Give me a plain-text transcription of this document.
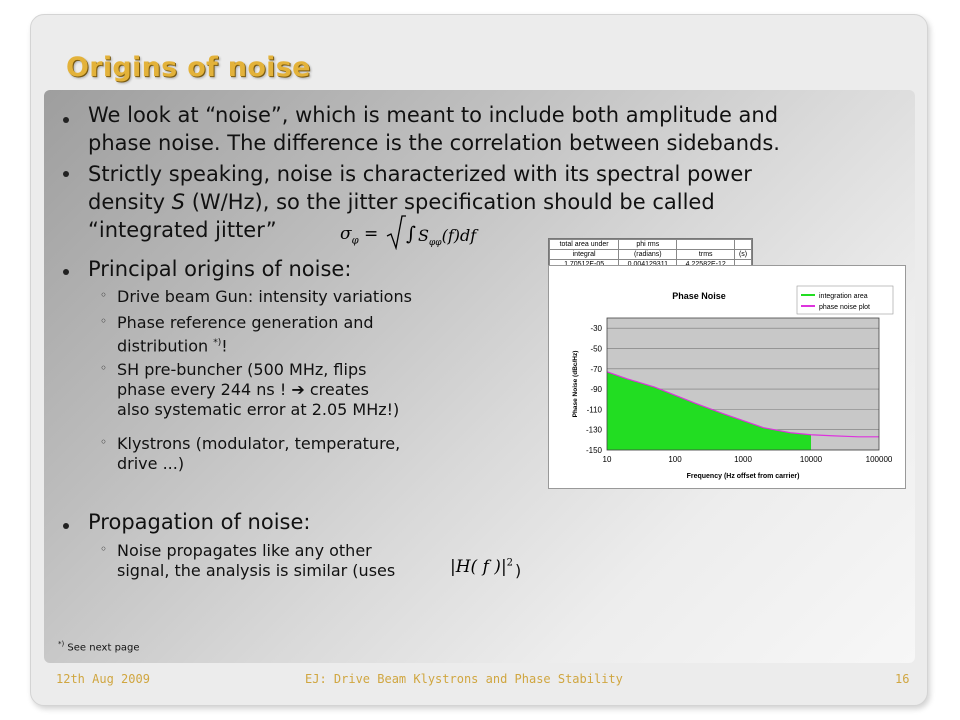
Origins of noise
We look at “noise”, which is meant to include both amplitude and
phase noise. The difference is the correlation between sidebands.
Strictly speaking, noise is characterized with its spectral power
density S (W/Hz), so the jitter specification should be called
“integrated jitter”	$\sigma_\varphi$ = ∫ $S_{\varphi\varphi}(f)df$
Principal origins of noise:
◦ Drive beam Gun: intensity variations
◦ Phase reference generation and
distribution *)!
◦ SH pre-buncher (500 MHz, flips
phase every 244 ns ! ➔ creates
also systematic error at 2.05 MHz!)
◦ Klystrons (modulator, temperature,
drive ...)
Propagation of noise:
◦ Noise propagates like any other
signal, the analysis is similar (uses	|H( f )$|^2$ )
*) See next page
total area under	phi rms		
integral	(radians)	trms	(s)

-30
-50
-70
-90
-110
-130
-150
10	100	1000	10000	100000
Phase Noise
Frequency (Hz offset from carrier)
Phase Noise (dBc/Hz)
integration area
phase noise plot
12th Aug 2009	EJ: Drive Beam Klystrons and Phase Stability	16
